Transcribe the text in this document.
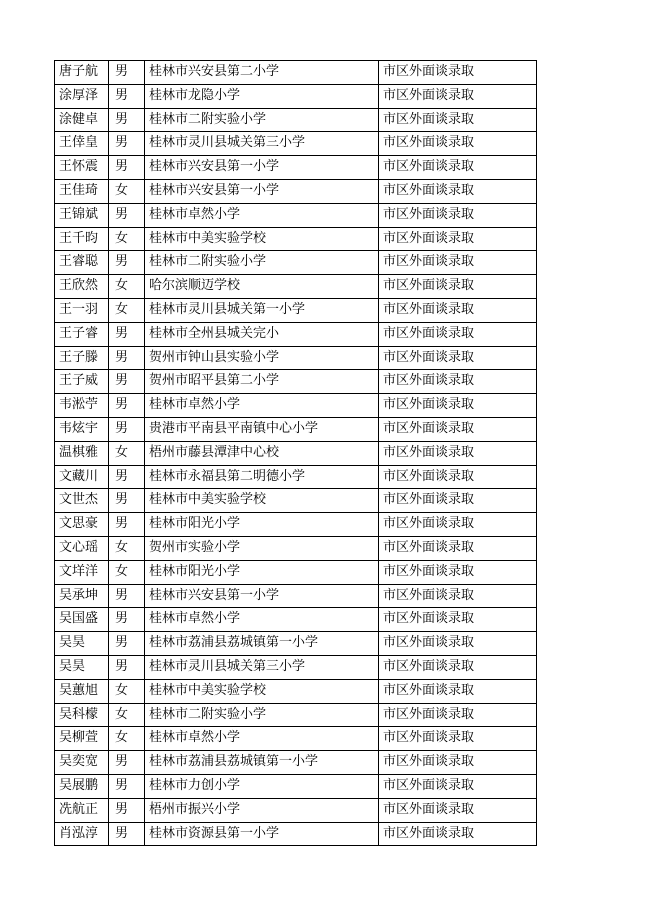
唐子航	男	桂林市兴安县第二小学	市区外面谈录取
涂厚泽	男	桂林市龙隐小学	市区外面谈录取
涂健卓	男	桂林市二附实验小学	市区外面谈录取
王倖皇	男	桂林市灵川县城关第三小学	市区外面谈录取
王怀震	男	桂林市兴安县第一小学	市区外面谈录取
王佳琦	女	桂林市兴安县第一小学	市区外面谈录取
王锦斌	男	桂林市卓然小学	市区外面谈录取
王千昀	女	桂林市中美实验学校	市区外面谈录取
王睿聪	男	桂林市二附实验小学	市区外面谈录取
王欣然	女	哈尔滨顺迈学校	市区外面谈录取
王一羽	女	桂林市灵川县城关第一小学	市区外面谈录取
王子睿	男	桂林市全州县城关完小	市区外面谈录取
王子滕	男	贺州市钟山县实验小学	市区外面谈录取
王子威	男	贺州市昭平县第二小学	市区外面谈录取
韦淞苧	男	桂林市卓然小学	市区外面谈录取
韦炫宇	男	贵港市平南县平南镇中心小学	市区外面谈录取
温棋雅	女	梧州市藤县潭津中心校	市区外面谈录取
文藏川	男	桂林市永福县第二明德小学	市区外面谈录取
文世杰	男	桂林市中美实验学校	市区外面谈录取
文思豪	男	桂林市阳光小学	市区外面谈录取
文心瑶	女	贺州市实验小学	市区外面谈录取
文垟洋	女	桂林市阳光小学	市区外面谈录取
吴承坤	男	桂林市兴安县第一小学	市区外面谈录取
吴国盛	男	桂林市卓然小学	市区外面谈录取
吴昊	男	桂林市荔浦县荔城镇第一小学	市区外面谈录取
吴昊	男	桂林市灵川县城关第三小学	市区外面谈录取
吴蕙旭	女	桂林市中美实验学校	市区外面谈录取
吴科檬	女	桂林市二附实验小学	市区外面谈录取
吴柳萱	女	桂林市卓然小学	市区外面谈录取
吴奕宽	男	桂林市荔浦县荔城镇第一小学	市区外面谈录取
吴展鹏	男	桂林市力创小学	市区外面谈录取
冼航正	男	梧州市振兴小学	市区外面谈录取
肖泓淳	男	桂林市资源县第一小学	市区外面谈录取
